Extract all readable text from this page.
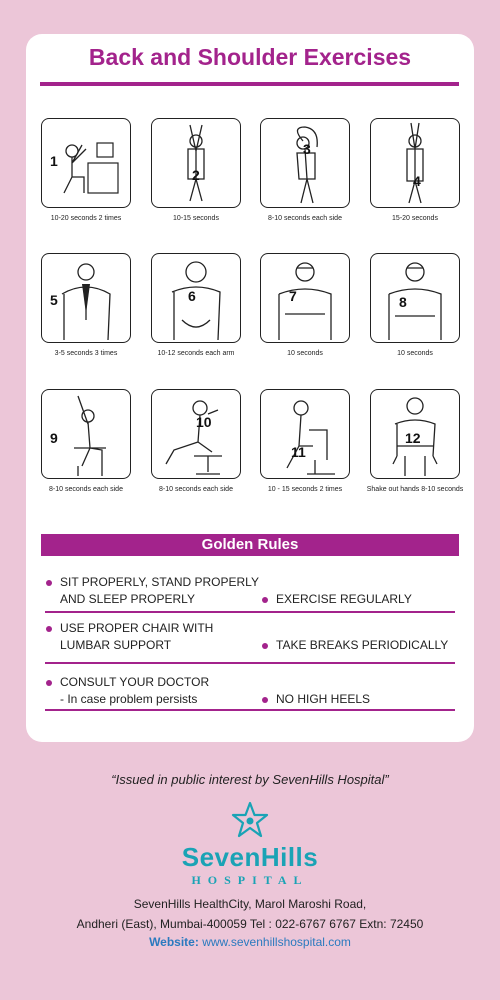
Back and Shoulder Exercises
1
10-20 seconds 2 times
2
10-15 seconds
3
8-10 seconds each side
4
15-20 seconds
5
3-5 seconds 3 times
6
10-12 seconds each arm
7
10 seconds
8
10 seconds
9
8-10 seconds each side
10
8-10 seconds each side
11
10 - 15 seconds 2 times
12
Shake out hands 8-10 seconds
Golden Rules
SIT PROPERLY, STAND PROPERLY
AND SLEEP PROPERLY	EXERCISE REGULARLY
USE PROPER CHAIR WITH
LUMBAR SUPPORT	TAKE BREAKS PERIODICALLY
CONSULT YOUR DOCTOR
- In case problem persists	NO HIGH HEELS
“Issued in public interest by SevenHills Hospital”
SevenHills
HOSPITAL
SevenHills HealthCity, Marol Maroshi Road,
Andheri (East), Mumbai-400059 Tel : 022-6767 6767 Extn: 72450
Website: www.sevenhillshospital.com
